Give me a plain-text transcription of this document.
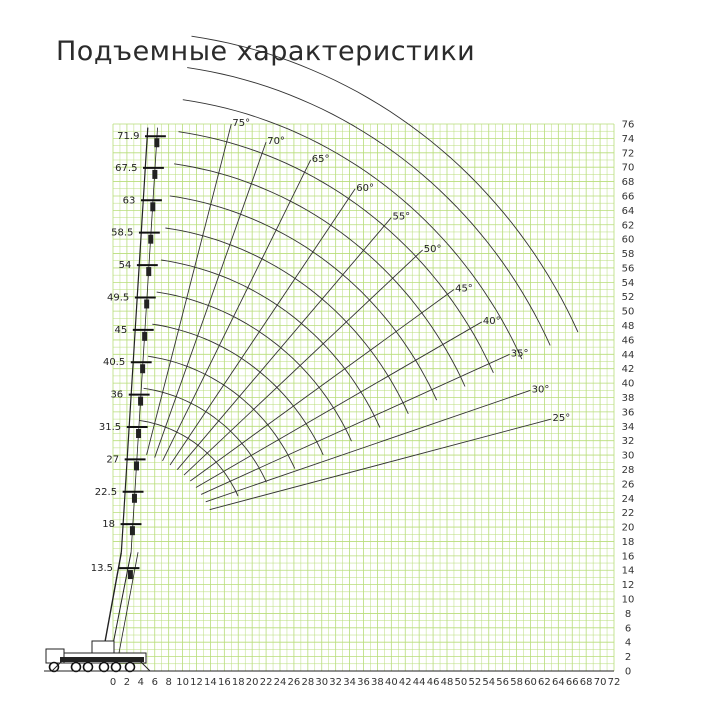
Подъемные характеристики
0 2 4 6 8 10 12 14 16 18 20 22 24 26 28 30 32 34 36 38 40 42 44 46 48 50 52 54 56 58 60 62 64 66 68 70 72
0
2
4
6
8
10
12
14
16
18
20
22
24
26
28
30
32
34
36
38
40
42
44
46
48
50
52
54
56
58
60
62
64
66
68
70
72
74
76
75°
70°
65°
60°
55°
50°
45°
40°
35°
30°
25°
13.5
18
22.5
27
31.5
36
40.5
45
49.5
54
58.5
63
67.5
71.9
